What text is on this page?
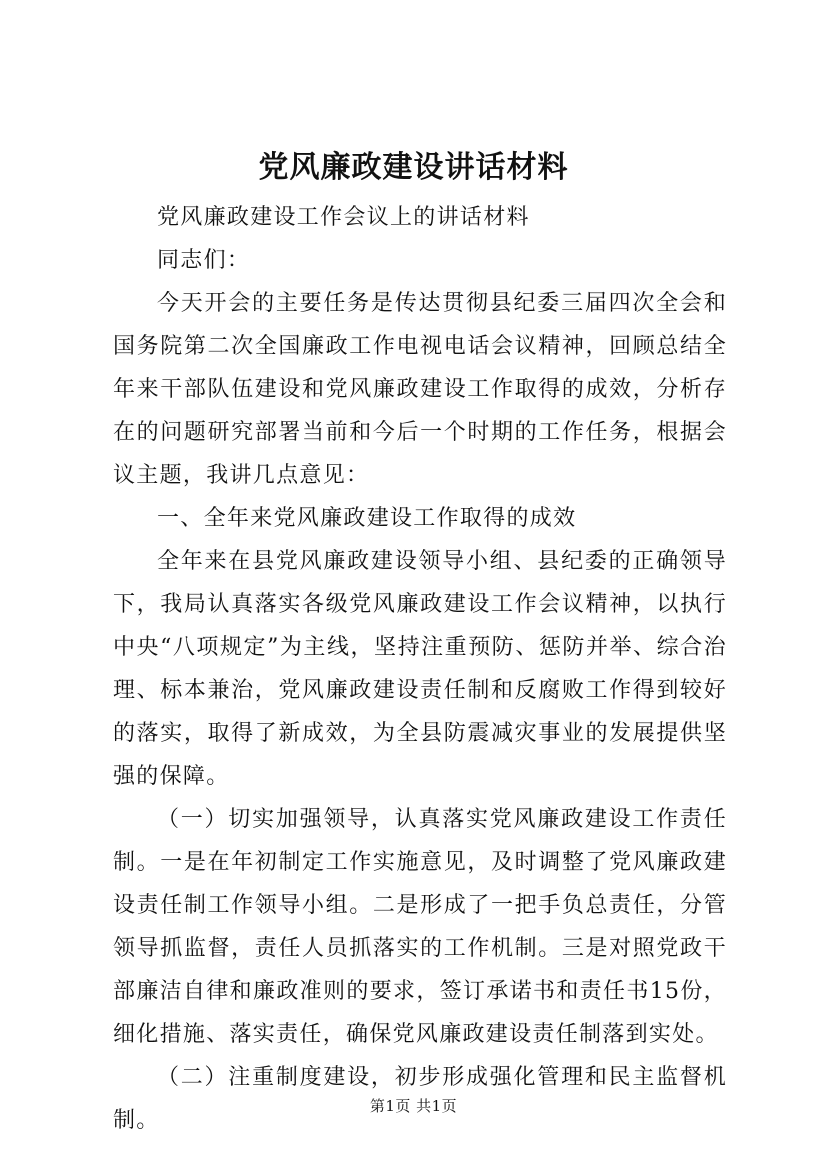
党风廉政建设讲话材料

党风廉政建设工作会议上的讲话材料

同志们：

今天开会的主要任务是传达贯彻县纪委三届四次全会和国务院第二次全国廉政工作电视电话会议精神，回顾总结全年来干部队伍建设和党风廉政建设工作取得的成效，分析存在的问题研究部署当前和今后一个时期的工作任务，根据会议主题，我讲几点意见：

一、全年来党风廉政建设工作取得的成效

全年来在县党风廉政建设领导小组、县纪委的正确领导下，我局认真落实各级党风廉政建设工作会议精神，以执行中央“八项规定”为主线，坚持注重预防、惩防并举、综合治理、标本兼治，党风廉政建设责任制和反腐败工作得到较好的落实，取得了新成效，为全县防震减灾事业的发展提供坚强的保障。

（一）切实加强领导，认真落实党风廉政建设工作责任制。一是在年初制定工作实施意见，及时调整了党风廉政建设责任制工作领导小组。二是形成了一把手负总责任，分管领导抓监督，责任人员抓落实的工作机制。三是对照党政干部廉洁自律和廉政准则的要求，签订承诺书和责任书15份，细化措施、落实责任，确保党风廉政建设责任制落到实处。

（二）注重制度建设，初步形成强化管理和民主监督机制。

第1页 共1页
